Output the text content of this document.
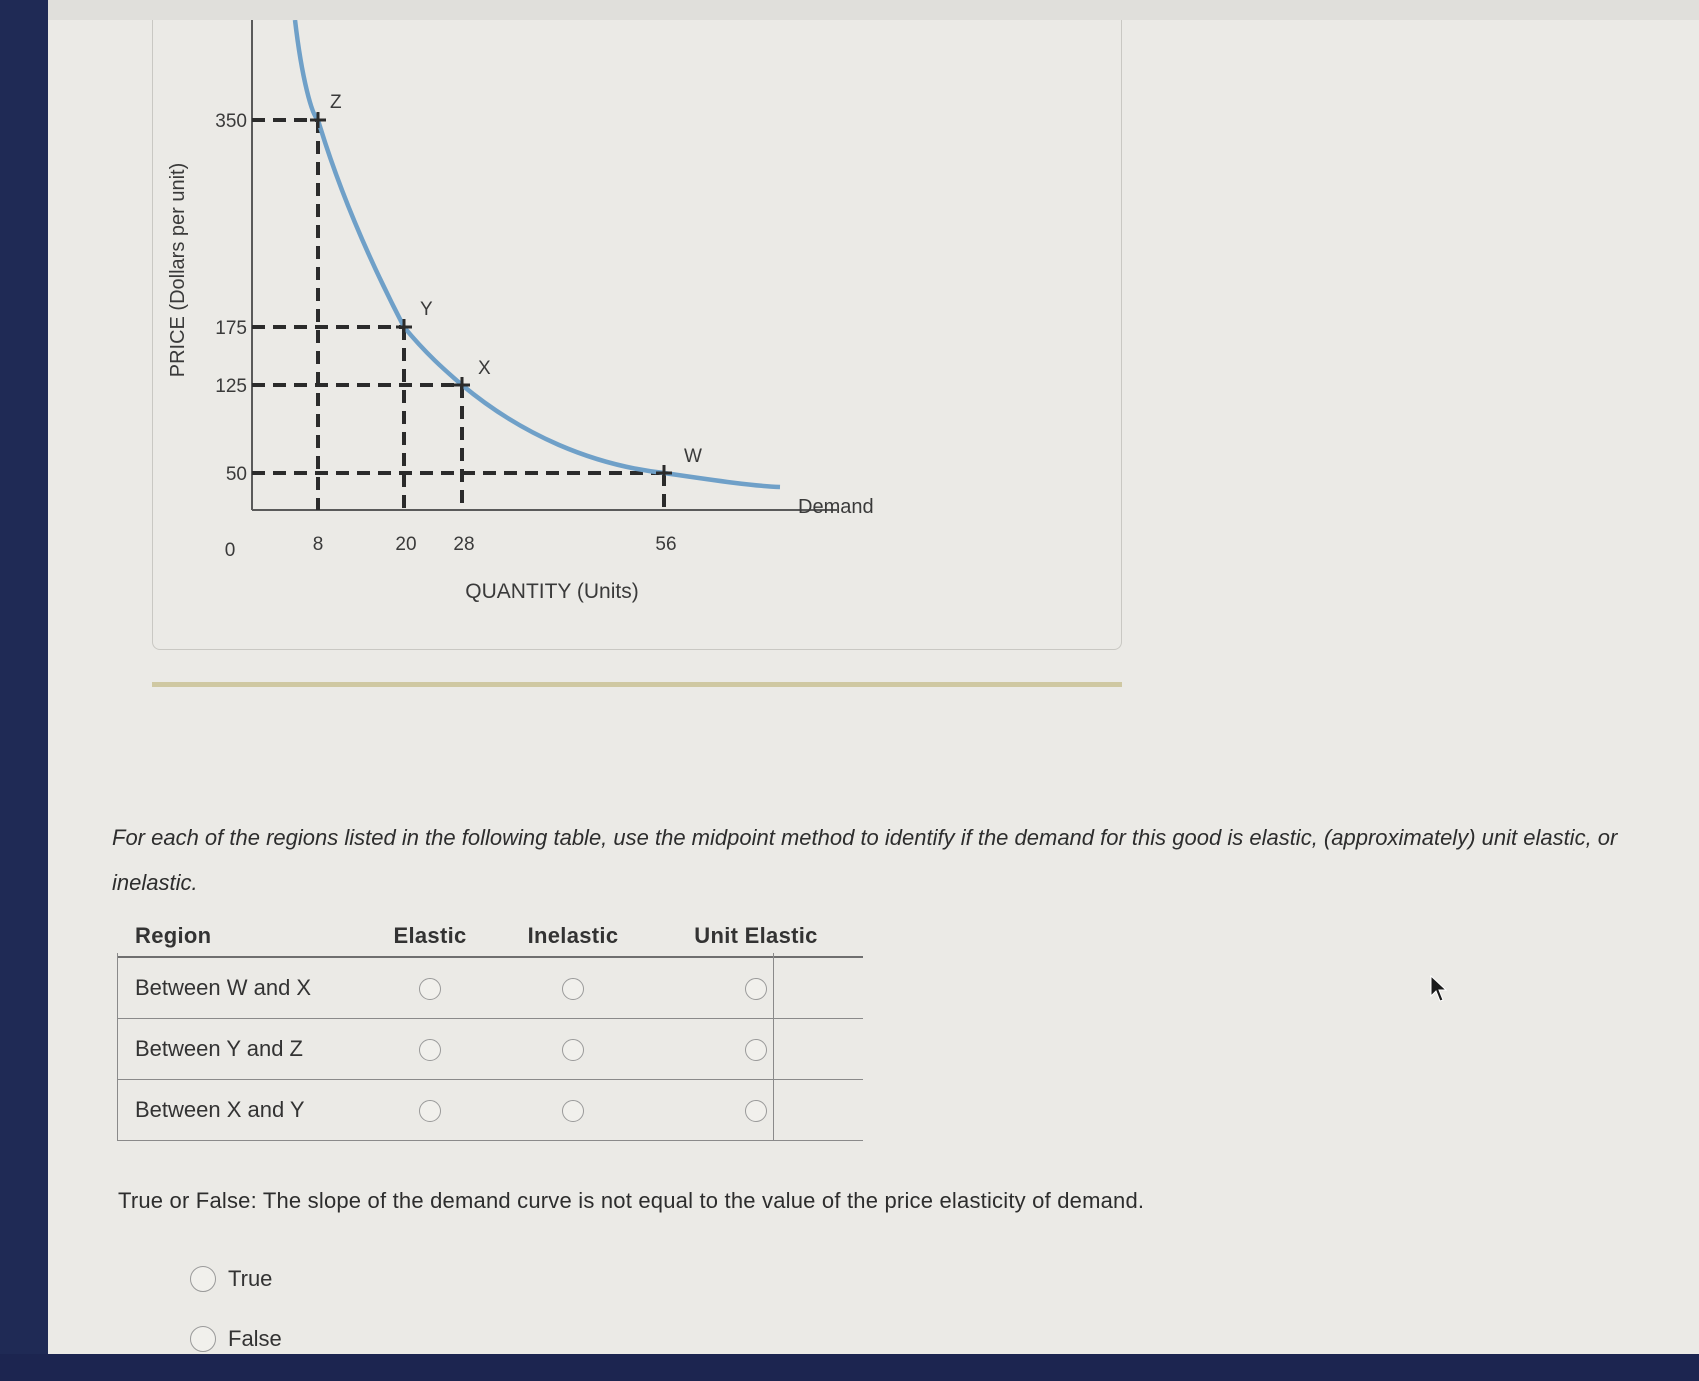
PRICE (Dollars per unit)
350
175
125
50
0	8	20 28	56
QUANTITY (Units)
Z
Y
X
W
Demand
For each of the regions listed in the following table, use the midpoint method to identify if the demand for this good is elastic, (approximately) unit elastic, or inelastic.
Region	Elastic	Inelastic	Unit Elastic
Between W and X			
Between Y and Z			
Between X and Y			
True or False: The slope of the demand curve is not equal to the value of the price elasticity of demand.
True
False
